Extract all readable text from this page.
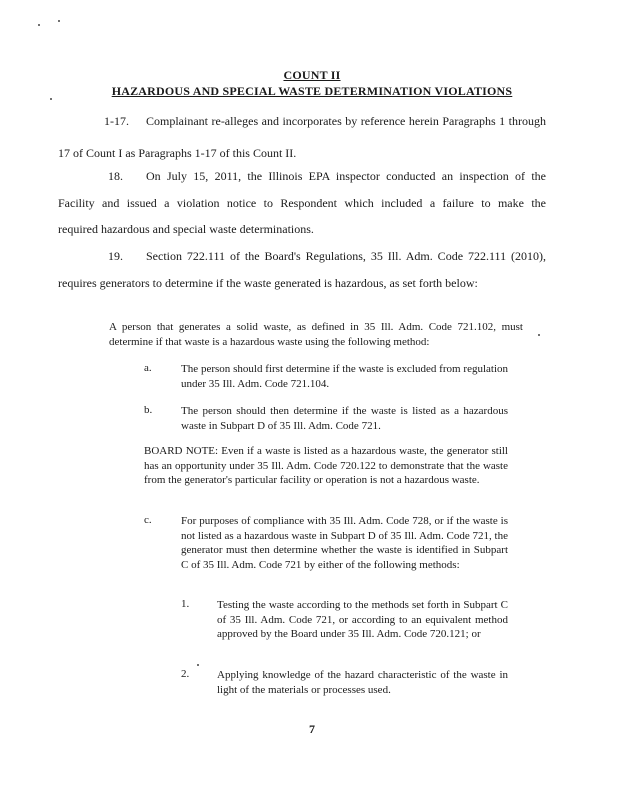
COUNT II
HAZARDOUS AND SPECIAL WASTE DETERMINATION VIOLATIONS
1-17. Complainant re-alleges and incorporates by reference herein Paragraphs 1 through
17 of Count I as Paragraphs 1-17 of this Count II.
18. On July 15, 2011, the Illinois EPA inspector conducted an inspection of the
Facility and issued a violation notice to Respondent which included a failure to make the
required hazardous and special waste determinations.
19. Section 722.111 of the Board's Regulations, 35 Ill. Adm. Code 722.111 (2010),
requires generators to determine if the waste generated is hazardous, as set forth below:
A person that generates a solid waste, as defined in 35 Ill. Adm. Code 721.102, must determine if that waste is a hazardous waste using the following method:
a.	The person should first determine if the waste is excluded from regulation under 35 Ill. Adm. Code 721.104.
b.	The person should then determine if the waste is listed as a hazardous waste in Subpart D of 35 Ill. Adm. Code 721.
BOARD NOTE: Even if a waste is listed as a hazardous waste, the generator still has an opportunity under 35 Ill. Adm. Code 720.122 to demonstrate that the waste from the generator's particular facility or operation is not a hazardous waste.
c.	For purposes of compliance with 35 Ill. Adm. Code 728, or if the waste is not listed as a hazardous waste in Subpart D of 35 Ill. Adm. Code 721, the generator must then determine whether the waste is identified in Subpart C of 35 Ill. Adm. Code 721 by either of the following methods:
1.	Testing the waste according to the methods set forth in Subpart C of 35 Ill. Adm. Code 721, or according to an equivalent method approved by the Board under 35 Ill. Adm. Code 720.121; or
2.	Applying knowledge of the hazard characteristic of the waste in light of the materials or processes used.
7
